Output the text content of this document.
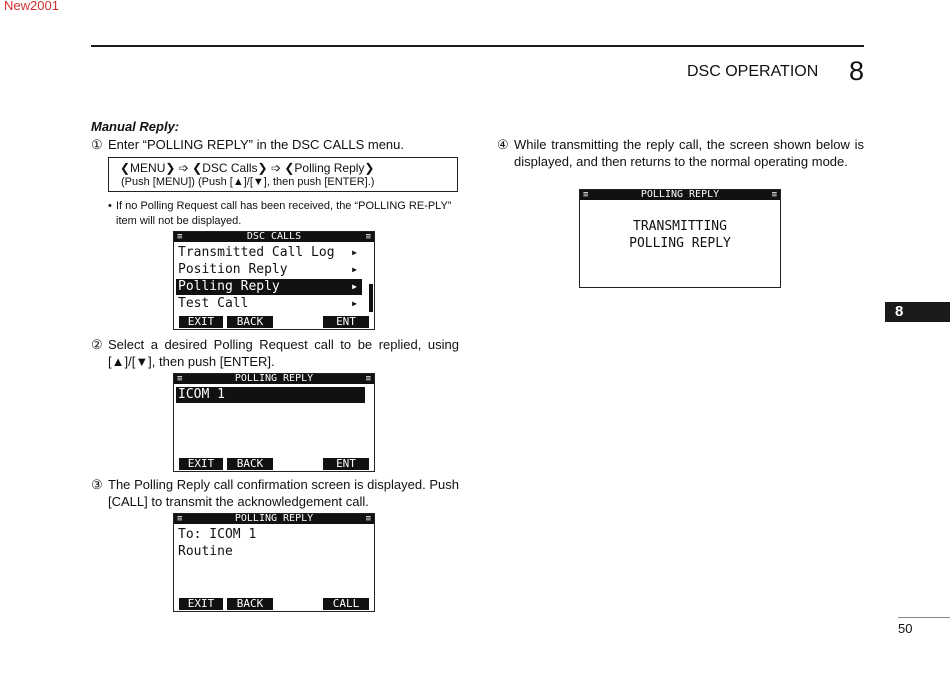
New2001
DSC OPERATION 8
8
50
Manual Reply:
① Enter “POLLING REPLY” in the DSC CALLS menu.
❮MENU❯ ➩ ❮DSC Calls❯ ➩ ❮Polling Reply❯
(Push [MENU]) (Push [▲]/[▼], then push [ENTER].)
• If no Polling Request call has been received, the “POLLING RE-PLY” item will not be displayed.
≡	DSC CALLS	≡
Transmitted Call Log ▶
Position Reply	▶
Polling Reply	▶
Test Call	▶
EXIT	BACK	ENT
② Select a desired Polling Request call to be replied, using [▲]/[▼], then push [ENTER].
≡	POLLING REPLY	≡
ICOM 1
EXIT	BACK	ENT
③ The Polling Reply call confirmation screen is displayed. Push [CALL] to transmit the acknowledgement call.
≡	POLLING REPLY	≡
To: ICOM 1
Routine
EXIT	BACK	CALL
④ While transmitting the reply call, the screen shown below is displayed, and then returns to the normal operating mode.
≡	POLLING REPLY	≡
TRANSMITTING
POLLING REPLY
